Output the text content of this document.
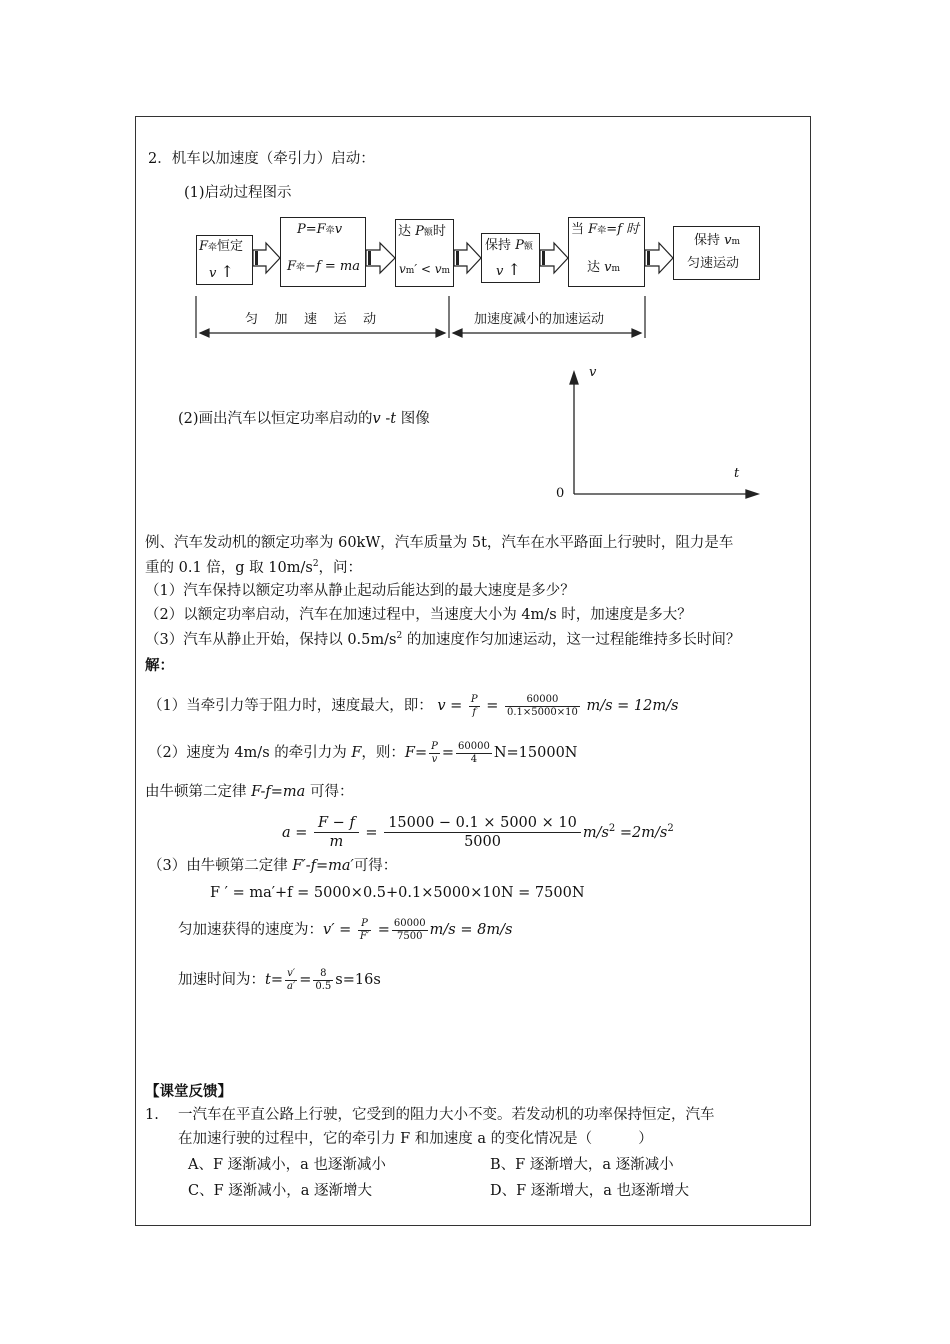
2．机车以加速度（牵引力）启动：
(1)启动过程图示
F牵恒定
v ↑
P=F牵v
F牵−f = ma
达 P额时
vm′ < vm
保持 P额
v ↑
当 F牵=f 时
达 vm
保持 vm
匀速运动
匀    加    速    运    动	加速度减小的加速运动
(2)画出汽车以恒定功率启动的v -t 图像
v
t
0
例、汽车发动机的额定功率为 60kW，汽车质量为 5t，汽车在水平路面上行驶时，阻力是车
重的 0.1 倍，g 取 $10m/s^2$，问：
（1）汽车保持以额定功率从静止起动后能达到的最大速度是多少？
（2）以额定功率启动，汽车在加速过程中，当速度大小为 4m/s 时，加速度是多大？
（3）汽车从静止开始，保持以 $0.5m/s^2$ 的加速度作匀加速运动，这一过程能维持多长时间？
解：
（1）当牵引力等于阻力时，速度最大，即： $v = \frac{P}{f} = \frac{60000}{0.1\times 5000\times 10} m/s = 12m/s$
（2）速度为 4m/s 的牵引力为 F，则：$F= \frac{P}{v} = \frac{60000}{4} N=15000N$
由牛顿第二定律 F-f=ma 可得：
$a = \frac{F - f}{m} = \frac{15000 - 0.1 \times 5000 \times 10}{5000} m/s^2 =2m/s^2$
（3）由牛顿第二定律 F′-f=ma′可得：
F ′ = ma′+f = 5000×0.5+0.1×5000×10N = 7500N
匀加速获得的速度为：$v' = \frac{P}{F'} = \frac{60000}{7500} m/s = 8m/s$
加速时间为：$t= \frac{v'}{a'} = \frac{8}{0.5} s=16s$
【课堂反馈】
1. 一汽车在平直公路上行驶，它受到的阻力大小不变。若发动机的功率保持恒定，汽车
在加速行驶的过程中，它的牵引力 F 和加速度 a 的变化情况是（          ）
A、F 逐渐减小，a 也逐渐减小	B、F 逐渐增大，a 逐渐减小
C、F 逐渐减小，a 逐渐增大	D、F 逐渐增大，a 也逐渐增大
